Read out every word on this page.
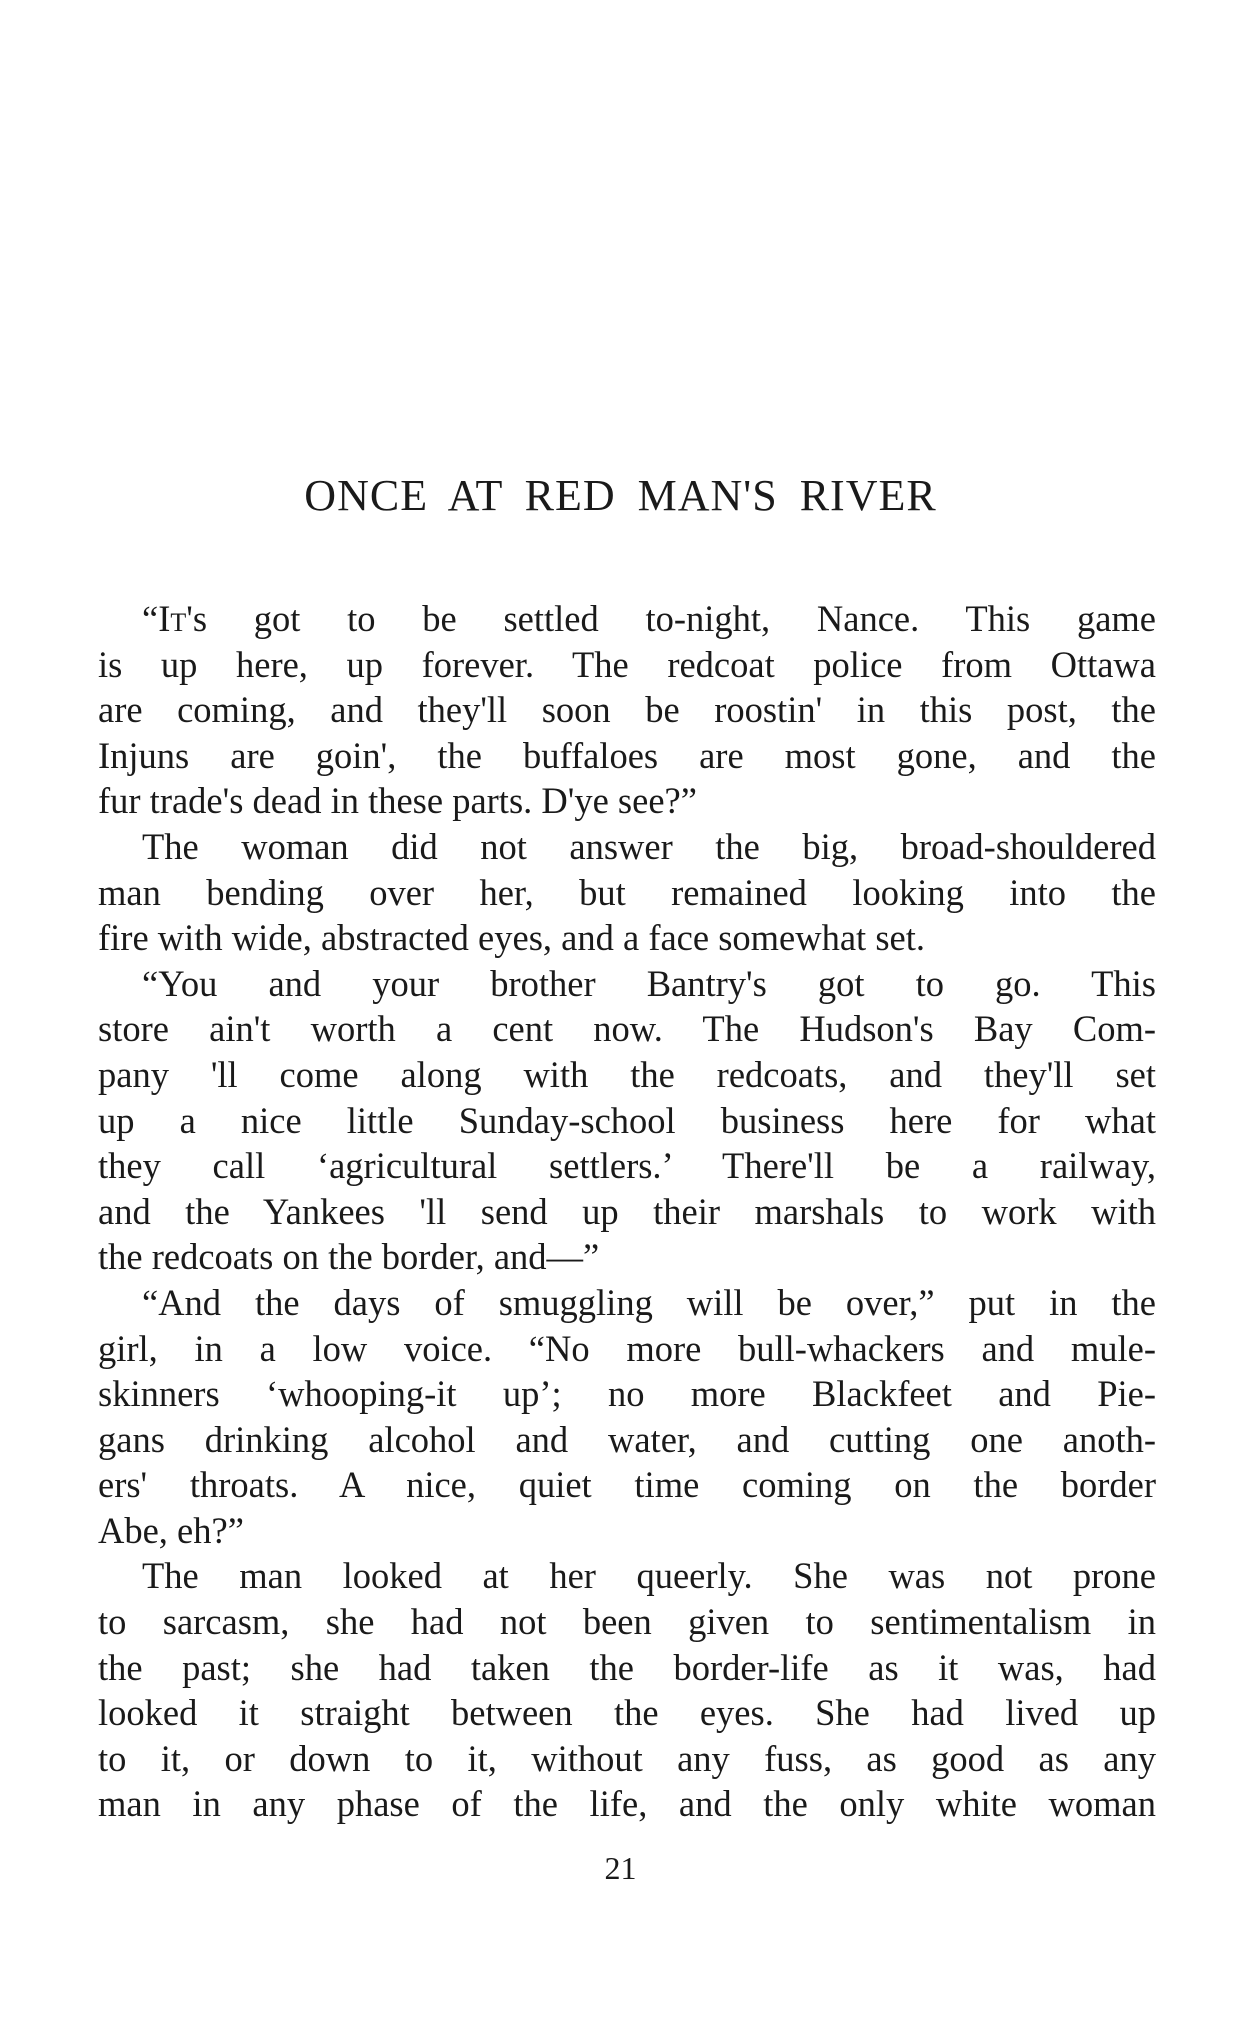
ONCE AT RED MAN'S RIVER
“It's got to be settled to-night, Nance. This game
is up here, up forever. The redcoat police from Ottawa
are coming, and they'll soon be roostin' in this post, the
Injuns are goin', the buffaloes are most gone, and the
fur trade's dead in these parts. D'ye see?”
The woman did not answer the big, broad-shouldered
man bending over her, but remained looking into the
fire with wide, abstracted eyes, and a face somewhat set.
“You and your brother Bantry's got to go. This
store ain't worth a cent now. The Hudson's Bay Com-
pany 'll come along with the redcoats, and they'll set
up a nice little Sunday-school business here for what
they call ‘agricultural settlers.’ There'll be a railway,
and the Yankees 'll send up their marshals to work with
the redcoats on the border, and—”
“And the days of smuggling will be over,” put in the
girl, in a low voice. “No more bull-whackers and mule-
skinners ‘whooping-it up’; no more Blackfeet and Pie-
gans drinking alcohol and water, and cutting one anoth-
ers' throats. A nice, quiet time coming on the border
Abe, eh?”
The man looked at her queerly. She was not prone
to sarcasm, she had not been given to sentimentalism in
the past; she had taken the border-life as it was, had
looked it straight between the eyes. She had lived up
to it, or down to it, without any fuss, as good as any
man in any phase of the life, and the only white woman
21
